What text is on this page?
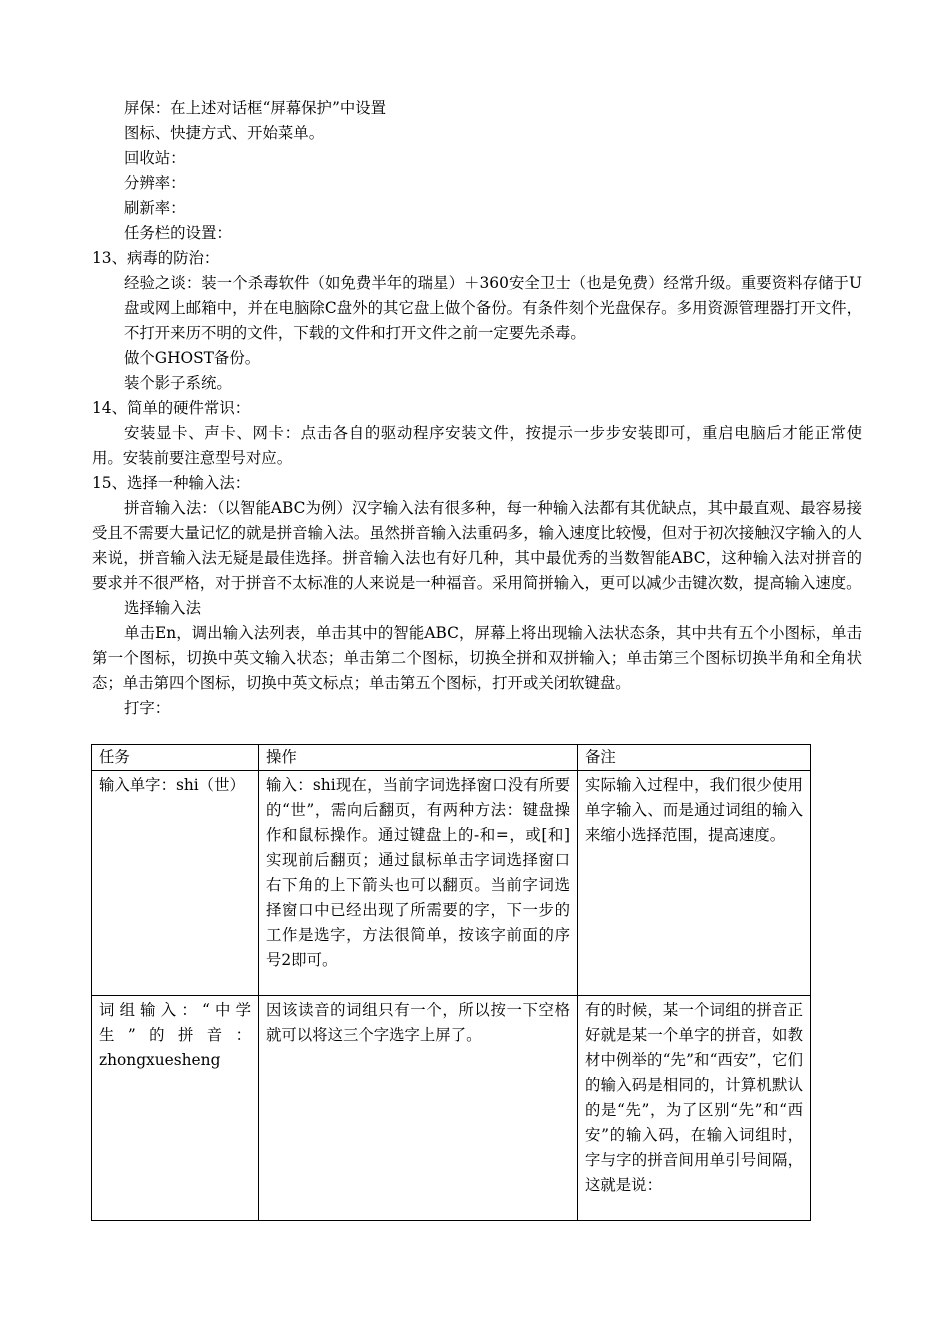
屏保：在上述对话框“屏幕保护”中设置
图标、快捷方式、开始菜单。
回收站：
分辨率：
刷新率：
任务栏的设置：
13、病毒的防治：

经验之谈：装一个杀毒软件（如免费半年的瑞星）＋360安全卫士（也是免费）经常升级。重要资料存储于U盘或网上邮箱中，并在电脑除C盘外的其它盘上做个备份。有条件刻个光盘保存。多用资源管理器打开文件，不打开来历不明的文件，下载的文件和打开文件之前一定要先杀毒。

做个GHOST备份。
装个影子系统。
14、简单的硬件常识：

安装显卡、声卡、网卡：点击各自的驱动程序安装文件，按提示一步步安装即可，重启电脑后才能正常使用。安装前要注意型号对应。

15、选择一种输入法：

拼音输入法：（以智能ABC为例）汉字输入法有很多种，每一种输入法都有其优缺点，其中最直观、最容易接受且不需要大量记忆的就是拼音输入法。虽然拼音输入法重码多，输入速度比较慢，但对于初次接触汉字输入的人来说，拼音输入法无疑是最佳选择。拼音输入法也有好几种，其中最优秀的当数智能ABC，这种输入法对拼音的要求并不很严格，对于拼音不太标准的人来说是一种福音。采用简拼输入，更可以减少击键次数，提高输入速度。

选择输入法

单击En，调出输入法列表，单击其中的智能ABC，屏幕上将出现输入法状态条，其中共有五个小图标，单击第一个图标，切换中英文输入状态；单击第二个图标，切换全拼和双拼输入；单击第三个图标切换半角和全角状态；单击第四个图标，切换中英文标点；单击第五个图标，打开或关闭软键盘。

打字：
任务	操作	备注
输入单字：shi（世）	输入：shi现在，当前字词选择窗口没有所要的“世”，需向后翻页，有两种方法：键盘操作和鼠标操作。通过键盘上的-和=，或[和]实现前后翻页；通过鼠标单击字词选择窗口右下角的上下箭头也可以翻页。当前字词选择窗口中已经出现了所需要的字，下一步的工作是选字，方法很简单，按该字前面的序号2即可。	实际输入过程中，我们很少使用单字输入、而是通过词组的输入来缩小选择范围，提高速度。
词组输入：“中学生”的拼音：zhongxuesheng	因该读音的词组只有一个，所以按一下空格就可以将这三个字选字上屏了。	有的时候，某一个词组的拼音正好就是某一个单字的拼音，如教材中例举的“先”和“西安”，它们的输入码是相同的，计算机默认的是“先”，为了区别“先”和“西安”的输入码，在输入词组时，字与字的拼音间用单引号间隔，这就是说：
